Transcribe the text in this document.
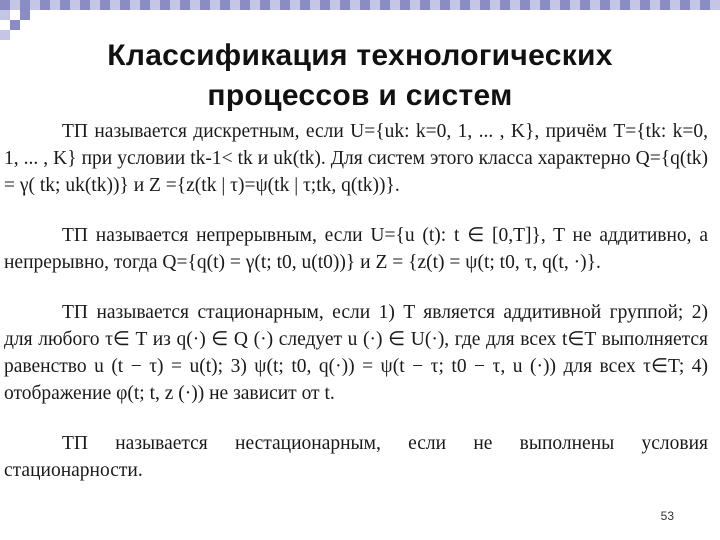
Классификация технологических
процессов и систем

ТП называется дискретным, если U={uk: k=0, 1, ... , K}, причём T={tk: k=0, 1, ... , K} при условии tk-1< tk и uk(tk). Для систем этого класса характерно Q={q(tk) = γ( tk; uk(tk))} и Z ={z(tk | τ)=ψ(tk | τ;tk, q(tk))}.

ТП называется непрерывным, если U={u (t): t ∈ [0,T]}, T не аддитивно, а непрерывно, тогда Q={q(t) = γ(t; t0, u(t0))} и Z = {z(t) = ψ(t; t0, τ, q(t, ·)}.

ТП называется стационарным, если 1) T является аддитивной группой; 2) для любого τ∈ T из q(·) ∈ Q (·) следует u (·) ∈ U(·), где для всех t∈T выполняется равенство u (t − τ) = u(t); 3) ψ(t; t0, q(·)) = ψ(t − τ; t0 − τ, u (·)) для всех τ∈T; 4) отображение φ(t; t, z (·)) не зависит от t.

ТП называется нестационарным, если не выполнены условия стационарности.

53
